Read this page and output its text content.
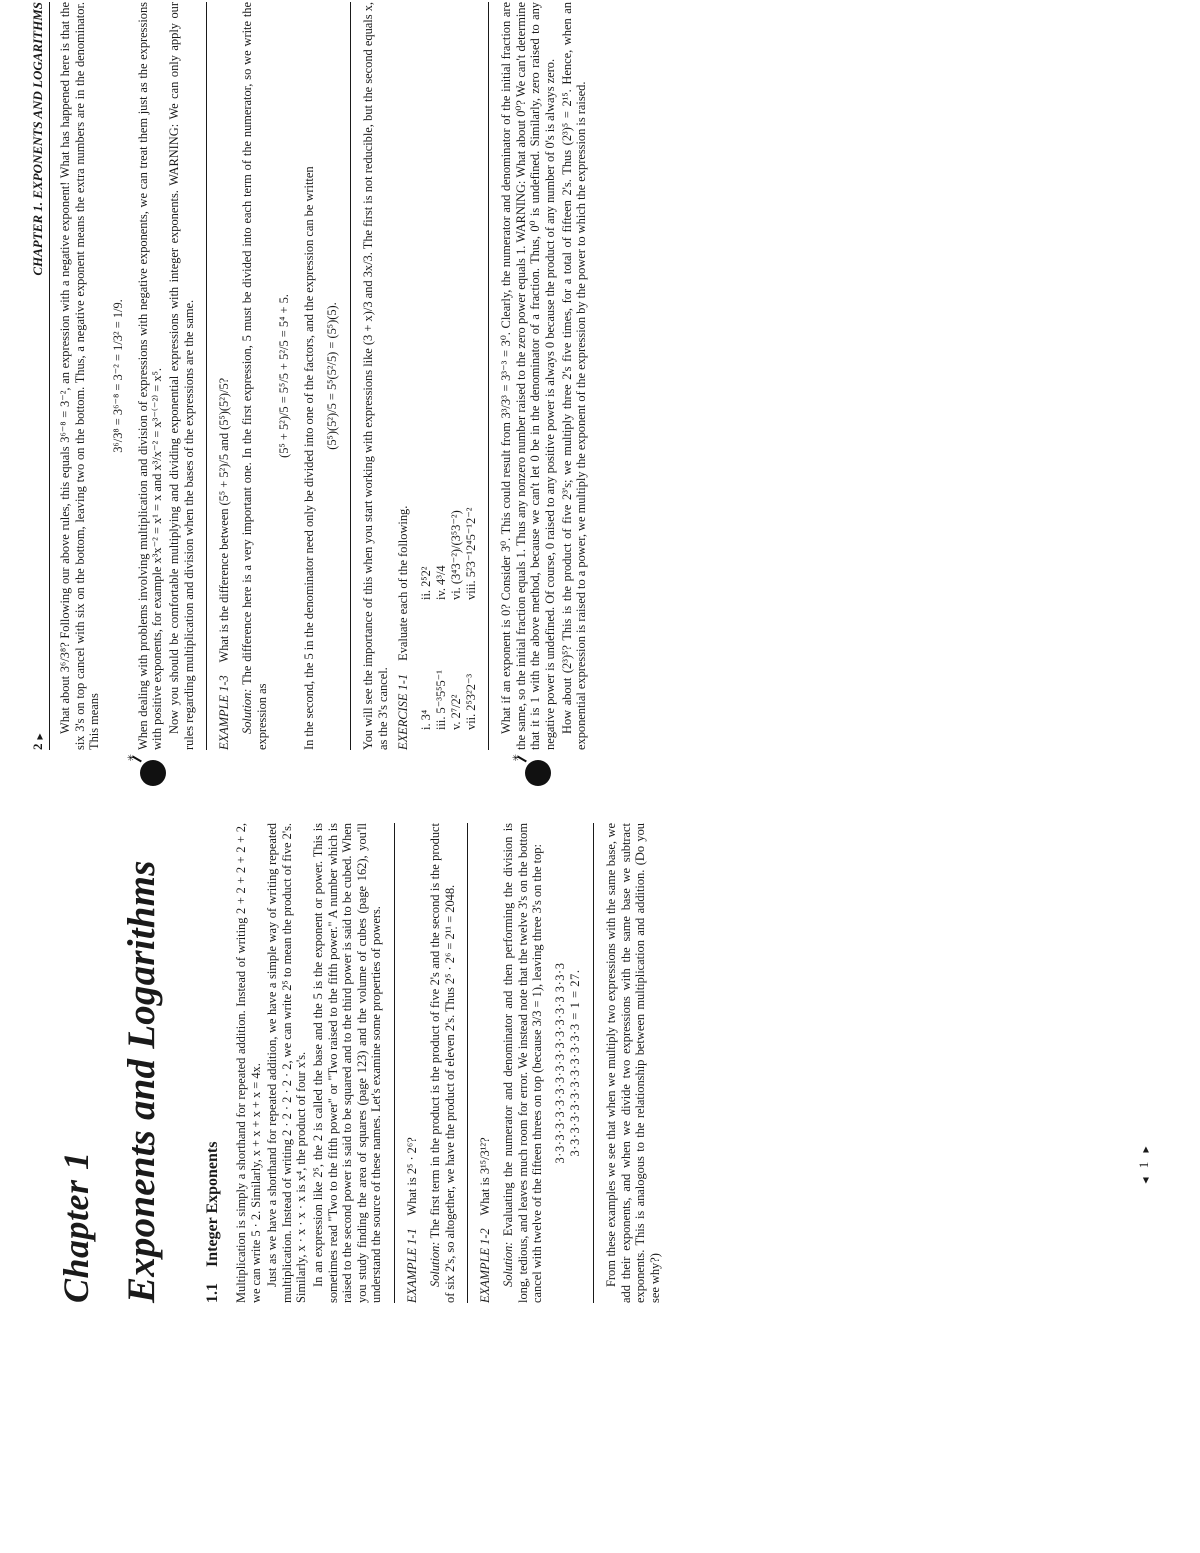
Chapter 1 Exponents and Logarithms	1.1 Integer Exponents Multiplication is simply a shorthand for repeated addition. Instead of writing 2 + 2 + 2 + 2 + 2, we can write 5 · 2. Similarly, x + x + x + x = 4x. Just as we have a shorthand for repeated addition, we have a simple way of writing repeated multiplication. Instead of writing 2 · 2 · 2 · 2 · 2, we can write 2⁵ to mean the product of five 2's. Similarly, x · x · x · x is x⁴, the product of four x's. In an expression like 2⁵, the 2 is called the base and the 5 is the exponent or power. This is sometimes read "Two to the fifth power" or "Two raised to the fifth power." A number which is raised to the second power is said to be squared and to the third power is said to be cubed. When you study finding the area of squares (page 123) and the volume of cubes (page 162), you'll understand the source of these names. Let's examine some properties of powers. EXAMPLE 1-1 What is 2⁵ · 2⁶?

Solution: The first term in the product is the product of five 2's and the second is the product of six 2's, so altogether, we have the product of eleven 2's. Thus 2⁵ · 2⁶ = 2¹¹ = 2048. EXAMPLE 1-2 What is 3¹⁵/3¹²?

Solution: Evaluating the numerator and denominator and then performing the division is long, tedious, and leaves much room for error. We instead note that the twelve 3's on the bottom cancel with twelve of the fifteen threes on top (because 3/3 = 1), leaving three 3's on the top: 3·3·3·3·3·3·3·3·3·3·3·3·3·3·3 3·3·3 3·3·3·3·3·3·3·3·3·3·3·3 = 1 = 27. From these examples we see that when we multiply two expressions with the same base, we add their exponents, and when we divide two expressions with the same base we subtract exponents. This is analogous to the relationship between multiplication and addition. (Do you see why?)

◀ 1 ▶
2▶
CHAPTER 1. EXPONENTS AND LOGARITHMS What about 3⁶/3⁸? Following our above rules, this equals 3⁶⁻⁸ = 3⁻², an expression with a negative exponent! What has happened here is that the six 3's on top cancel with six on the bottom, leaving two on the bottom. Thus, a negative exponent means the extra numbers are in the denominator. This means

3⁶/3⁸ = 3⁶⁻⁸ = 3⁻² = 1/3² = 1/9.
✳

When dealing with problems involving multiplication and division of expressions with negative exponents, we can treat them just as the expressions with positive exponents, for example x³x⁻² = x¹ = x and x³/x⁻² = x³⁻⁽⁻²⁾ = x⁵. Now you should be comfortable multiplying and dividing exponential expressions with integer exponents. WARNING: We can only apply our rules regarding multiplication and division when the bases of the expressions are the same. EXAMPLE 1-3 What is the difference between (5⁵ + 5²)/5 and (5⁵)(5²)/5?

Solution: The difference here is a very important one. In the first expression, 5 must be divided into each term of the numerator, so we write the expression as

(5⁵ + 5²)/5 = 5⁵/5 + 5²/5 = 5⁴ + 5. In the second, the 5 in the denominator need only be divided into one of the factors, and the expression can be written (5⁵)(5²)/5 = 5⁵(5²/5) = (5⁵)(5). You will see the importance of this when you start working with expressions like (3 + x)/3 and 3x/3. The first is not reducible, but the second equals x, as the 3's cancel. EXERCISE 1-1 Evaluate each of the following.
i. 3⁴
ii. 2⁵2²
iii. 5⁻³5⁵5⁻¹
iv. 4³/4
v. 2⁷/2²
vi. (3⁴3⁻²)/(3⁵3⁻²)
vii. 2⁵3²2⁻³
viii. 5²3⁻¹2⁴5⁻¹2⁻²
✳

What if an exponent is 0? Consider 3⁰. This could result from 3³/3³ = 3³⁻³ = 3⁰. Clearly, the numerator and denominator of the initial fraction are the same, so the initial fraction equals 1. Thus any nonzero number raised to the zero power equals 1. WARNING: What about 0⁰? We can't determine that it is 1 with the above method, because we can't let 0 be in the denominator of a fraction. Thus, 0⁰ is undefined. Similarly, zero raised to any negative power is undefined. Of course, 0 raised to any positive power is always 0 because the product of any number of 0's is always zero. How about (2³)⁵? This is the product of five 2³'s; we multiply three 2's five times, for a total of fifteen 2's. Thus (2³)⁵ = 2¹⁵. Hence, when an exponential expression is raised to a power, we multiply the exponent of the expression by the power to which the expression is raised.
